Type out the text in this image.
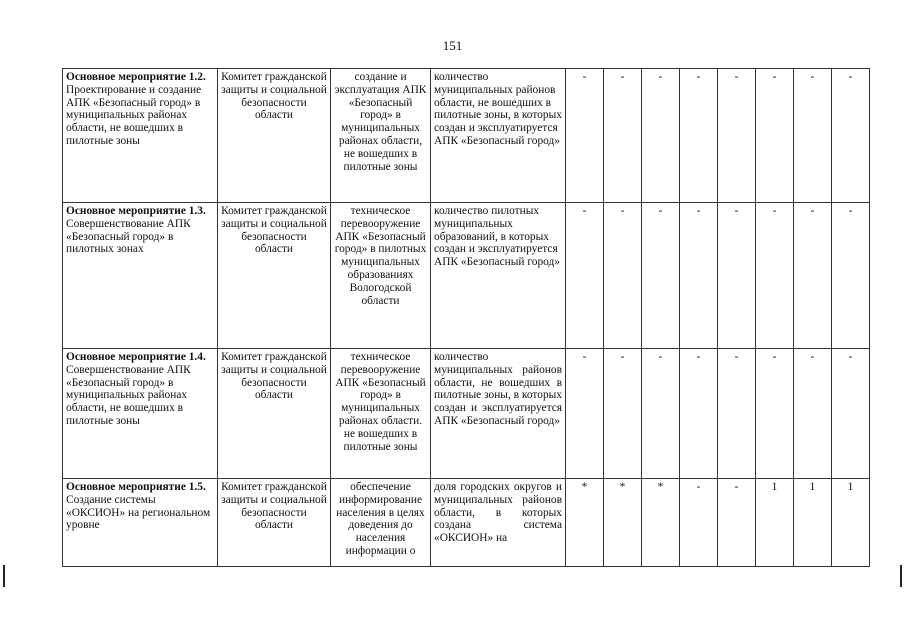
151
Основное мероприятие 1.2. Проектирование и создание АПК «Безопасный город» в муниципальных районах области, не вошедших в пилотные зоны	Комитет гражданской защиты и социальной безопасности области	создание и эксплуатация АПК «Безопасный город» в муниципальных районах области, не вошедших в пилотные зоны	количество муниципальных районов области, не вошедших в пилотные зоны, в которых создан и эксплуатируется АПК «Безопасный город»	-	-	-	-	-	-	-	-
Основное мероприятие 1.3. Совершенствование АПК «Безопасный город» в пилотных зонах	Комитет гражданской защиты и социальной безопасности области	техническое перевооружение АПК «Безопасный город» в пилотных муниципальных образованиях Вологодской области	количество пилотных муниципальных образований, в которых создан и эксплуатируется АПК «Безопасный город»	-	-	-	-	-	-	-	-
Основное мероприятие 1.4. Совершенствование АПК «Безопасный город» в муниципальных районах области, не вошедших в пилотные зоны	Комитет гражданской защиты и социальной безопасности области	техническое перевооружение АПК «Безопасный город» в муниципальных районах области. не вошедших в пилотные зоны	количество муниципальных районов области, не вошедших в пилотные зоны, в которых создан и эксплуатируется АПК «Безопасный город»	-	-	-	-	-	-	-	-
Основное мероприятие 1.5. Создание системы «ОКСИОН» на региональном уровне	Комитет гражданской защиты и социальной безопасности области	обеспечение информирование населения в целях доведения до населения информации о	доля городских округов и муниципальных районов области, в которых создана система «ОКСИОН» на	*	*	*	-	-	1	1	1
